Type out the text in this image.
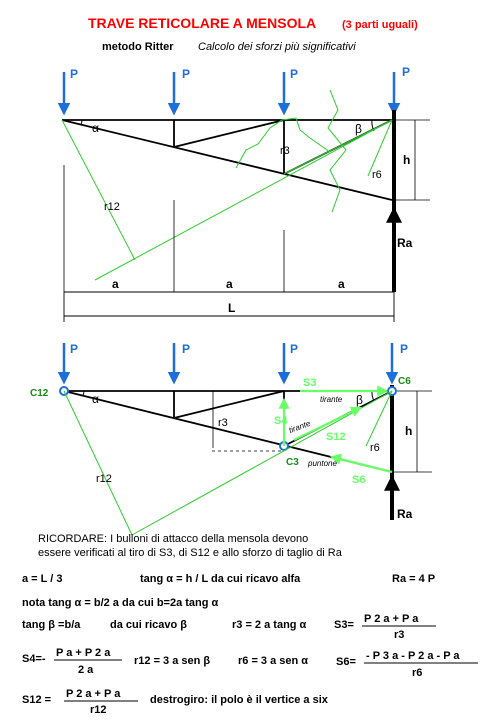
TRAVE RETICOLARE A MENSOLA (3 parti uguali)
metodo Ritter Calcolo dei sforzi più significativi
P	P	P	P
h
Ra
α	β
r3
r6
r12
a	a	a
L
P	P	P	P
Ra
h
C12
C3
C6
α	β
r3
r6
r12
S3
S4
S12
S6
tirante
tirante
puntone
RICORDARE: I bulloni di attacco della mensola devono
essere verificati al tiro di S3, di S12 e allo sforzo di taglio di Ra
a = L / 3	tang α = h / L da cui ricavo alfa	Ra = 4 P
nota tang α = b/2 a da cui b=2a tang α
tang β =b/a	da cui ricavo β	r3 = 2 a tang α	S3= P 2 a + P a
r3
S4=- P a + P 2 a
2 a
r12 = 3 a sen β	r6 = 3 a sen α	S6= - P 3 a - P 2 a - P a
r6
S12 = P 2 a + P a
r12
destrogiro: il polo è il vertice a six
